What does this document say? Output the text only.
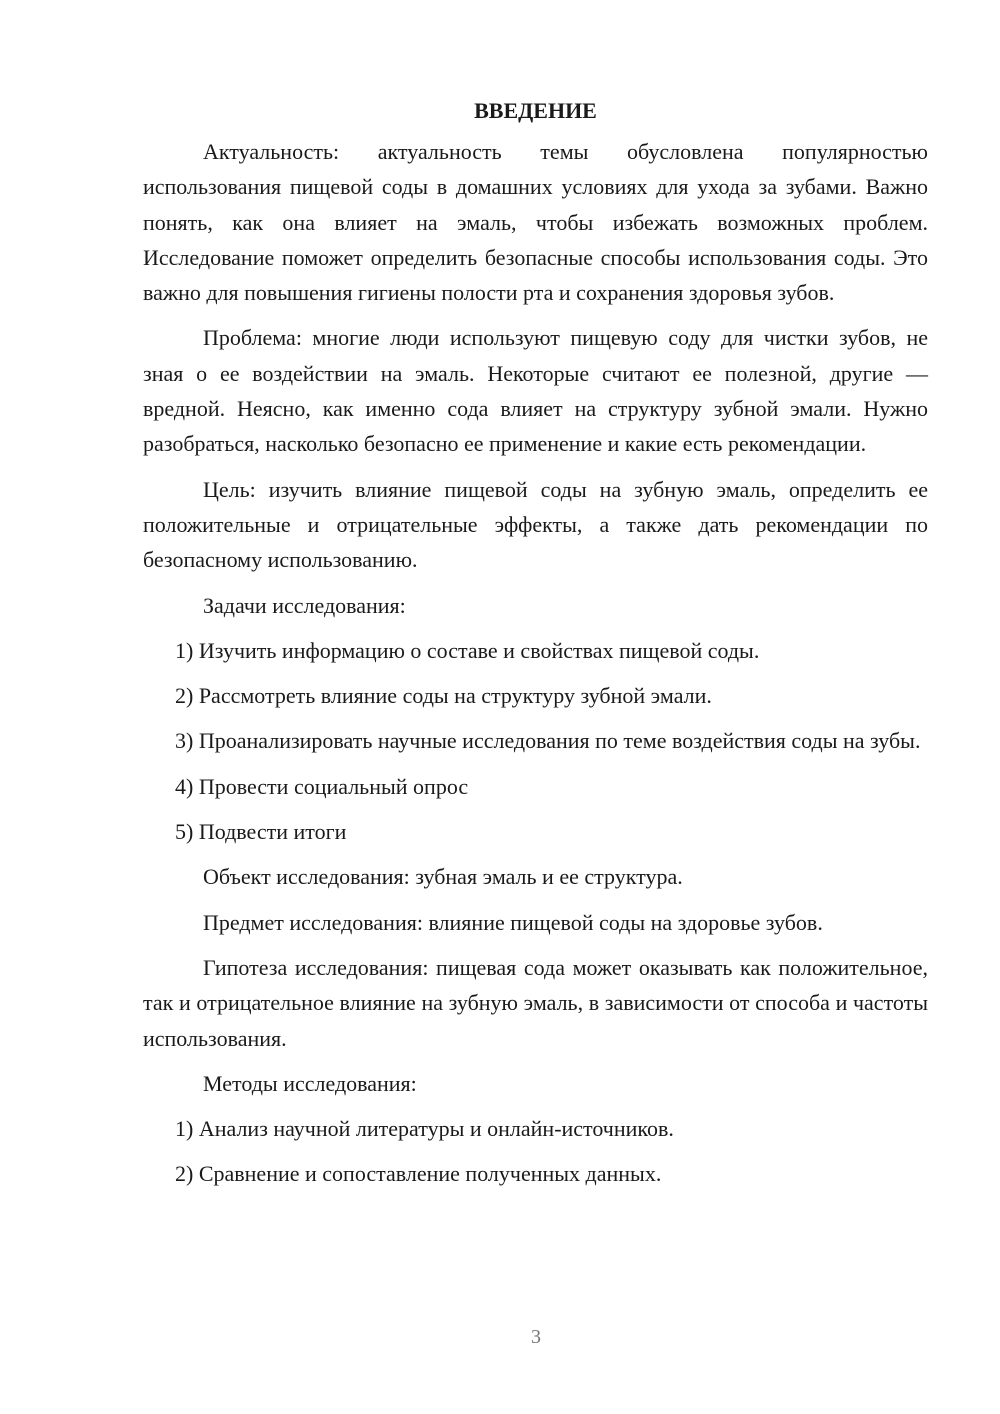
ВВЕДЕНИЕ

Актуальность: актуальность темы обусловлена популярностью использования пищевой соды в домашних условиях для ухода за зубами. Важно понять, как она влияет на эмаль, чтобы избежать возможных проблем. Исследование поможет определить безопасные способы использования соды. Это важно для повышения гигиены полости рта и сохранения здоровья зубов.

Проблема: многие люди используют пищевую соду для чистки зубов, не зная о ее воздействии на эмаль. Некоторые считают ее полезной, другие — вредной. Неясно, как именно сода влияет на структуру зубной эмали. Нужно разобраться, насколько безопасно ее применение и какие есть рекомендации.

Цель: изучить влияние пищевой соды на зубную эмаль, определить ее положительные и отрицательные эффекты, а также дать рекомендации по безопасному использованию.

Задачи исследования:

1) Изучить информацию о составе и свойствах пищевой соды.

2) Рассмотреть влияние соды на структуру зубной эмали.

3) Проанализировать научные исследования по теме воздействия соды на зубы.

4) Провести социальный опрос

5) Подвести итоги

Объект исследования: зубная эмаль и ее структура.

Предмет исследования: влияние пищевой соды на здоровье зубов.

Гипотеза исследования: пищевая сода может оказывать как положительное, так и отрицательное влияние на зубную эмаль, в зависимости от способа и частоты использования.

Методы исследования:

1) Анализ научной литературы и онлайн-источников.

2) Сравнение и сопоставление полученных данных.

3
